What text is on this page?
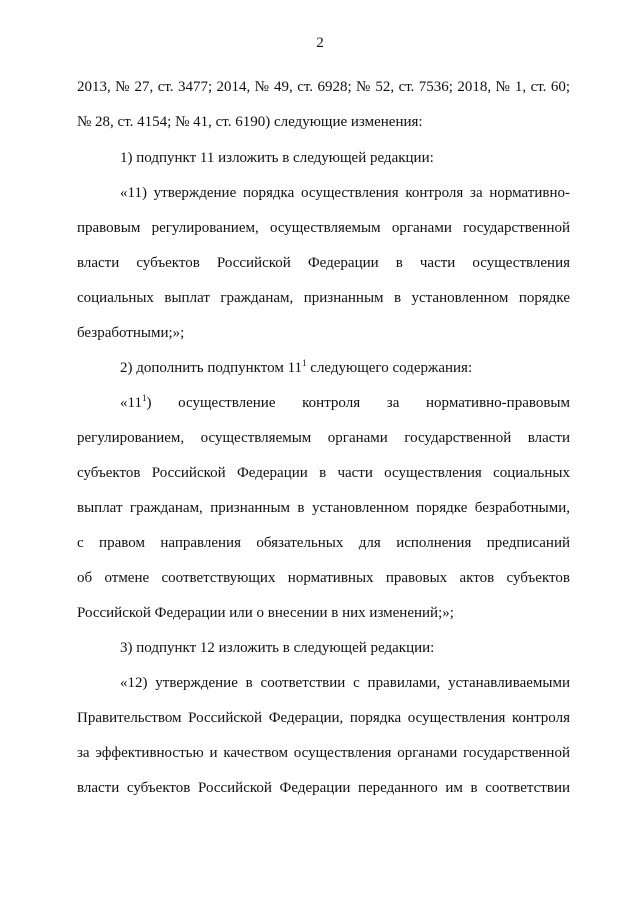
2
2013, № 27, ст. 3477; 2014, № 49, ст. 6928; № 52, ст. 7536; 2018, № 1, ст. 60;
№ 28, ст. 4154; № 41, ст. 6190) следующие изменения:
1) подпункт 11 изложить в следующей редакции:
«11) утверждение порядка осуществления контроля за нормативно-
правовым регулированием, осуществляемым органами государственной
власти субъектов Российской Федерации в части осуществления
социальных выплат гражданам, признанным в установленном порядке
безработными;»;
2) дополнить подпунктом $11^1$ следующего содержания:
«$11^1$) осуществление контроля за нормативно-правовым
регулированием, осуществляемым органами государственной власти
субъектов Российской Федерации в части осуществления социальных
выплат гражданам, признанным в установленном порядке безработными,
с правом направления обязательных для исполнения предписаний
об отмене соответствующих нормативных правовых актов субъектов
Российской Федерации или о внесении в них изменений;»;
3) подпункт 12 изложить в следующей редакции:
«12) утверждение в соответствии с правилами, устанавливаемыми
Правительством Российской Федерации, порядка осуществления контроля
за эффективностью и качеством осуществления органами государственной
власти субъектов Российской Федерации переданного им в соответствии
